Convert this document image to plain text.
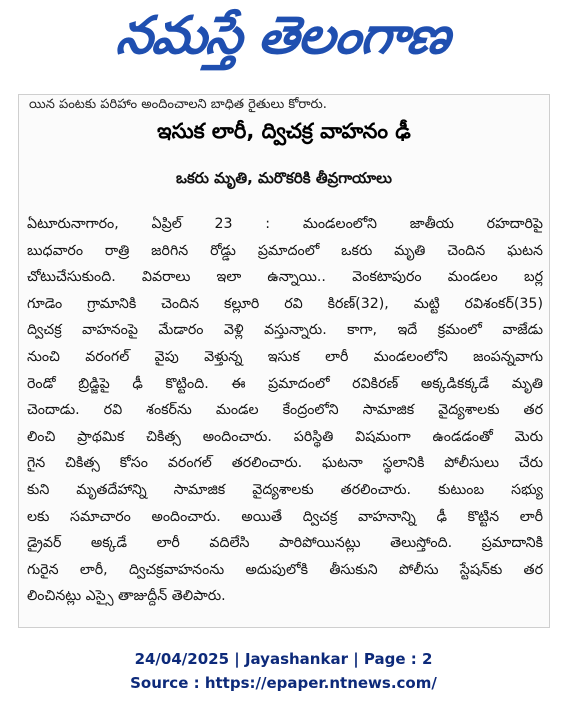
నమస్తే తెలంగాణ
యిన పంటకు పరిహాం అందించాలని బాధిత రైతులు కోరారు.
ఇసుక లారీ, ద్విచక్ర వాహనం ఢీ
ఒకరు మృతి, మరొకరికి తీవ్రగాయాలు
ఏటూరునాగారం, ఏప్రిల్ 23 : మండలంలోని జాతీయ రహదారిపై
బుధవారం రాత్రి జరిగిన రోడ్డు ప్రమాదంలో ఒకరు మృతి చెందిన ఘటన
చోటుచేసుకుంది. వివరాలు ఇలా ఉన్నాయి.. వెంకటాపురం మండలం బర్ల
గూడెం గ్రామానికి చెందిన కల్లూరి రవి కిరణ్(32), మట్టి రవిశంకర్(35)
ద్విచక్ర వాహనంపై మేడారం వెళ్లి వస్తున్నారు. కాగా, ఇదే క్రమంలో వాజేడు
నుంచి వరంగల్ వైపు వెళ్తున్న ఇసుక లారీ మండలంలోని జంపన్నవాగు
రెండో బ్రిడ్జిపై ఢీ కొట్టింది. ఈ ప్రమాదంలో రవికిరణ్ అక్కడికక్కడే మృతి
చెందాడు. రవి శంకర్‌ను మండల కేంద్రంలోని సామాజిక వైద్యశాలకు తర
లించి ప్రాథమిక చికిత్స అందించారు. పరిస్థితి విషమంగా ఉండడంతో మెరు
గైన చికిత్స కోసం వరంగల్ తరలించారు. ఘటనా స్థలానికి పోలీసులు చేరు
కుని మృతదేహాన్ని సామాజిక వైద్యశాలకు తరలించారు. కుటుంబ సభ్యు
లకు సమాచారం అందించారు. అయితే ద్విచక్ర వాహనాన్ని ఢీ కొట్టిన లారీ
డ్రైవర్ అక్కడే లారీ వదిలేసి పారిపోయినట్లు తెలుస్తోంది. ప్రమాదానికి
గురైన లారీ, ద్విచక్రవాహనంను అదుపులోకి తీసుకుని పోలీసు స్టేషన్‌కు తర
లించినట్లు ఎస్సై తాజుద్దీన్ తెలిపారు.
24/04/2025 | Jayashankar | Page : 2
Source : https://epaper.ntnews.com/
